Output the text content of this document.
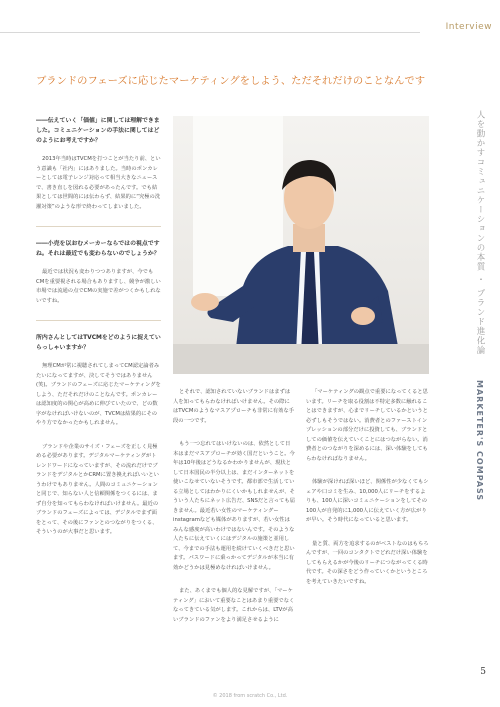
Interview
ブランドのフェーズに応じたマーケティングをしよう、ただそれだけのことなんです

――伝えていく「価値」に関しては理解できました。コミュニケーションの手法に関してはどのようにお考えですか？

2013年当時はTVCMを打つことが当たり前、という意識も「社内」にはありました。当時のポンカレーとしては電子レンジ対応って相当大きなニュースで、書き直しを図れる必要があったんです。でも結果としては世間的には伝わらず、結果的に“究極の洗濯対策”のような形で終わってしまいました。

――小売を以おむメーカーならではの視点ですね。それは最近でも変わらないのでしょうか？

最近では状況も変わりつつありますが、今でもCMを重要視される場合もありますし、競争が激しい市場では流通の点でCMの実施で差がつくかもしれないですね。

所内さんとしてはTVCMをどのように捉えていらっしゃいますか？

無理CMが常に視聴されてしまってCM認定論者みたいになってますが、決してそうではありません(笑)。ブランドのフェーズに応じたマーケティングをしよう、ただそれだけのことなんです。ポンカレーは認知度的の関心が高めに伸びていたので、どの数字がなければいけないのが、TVCMは結果的にそのやり方でなかったかもしれません。

ブランドや企業のサイズ・フェーズを正しく見極める必要があります。デジタルマーケティングがトレンドワードになっていますが、その流れだけでブランドをデジタルとかCRMに置き換えればいいというわけでもありません。人間のコミュニケーションと同じで、知らない人と信頼関係をつくるには、まず自分を知ってもらわなければいけません。最近のブランドのフェーズによっては、デジタルでまず面をとって、その後にファンとのつながりをつくる、そういうのが大事だと思います。

とそれで、認知されていないブランドはまずは人を知ってもらわなければいけません。その際にはTVCMのようなマスアプローチも非常に有効な手段の一つです。

もう一つ忘れてはいけないのは、依然として日本はまだマスアプローチが効く国だということ。今年は10年後はどうなるかわかりませんが、現状として日本国民の半分以上は、まだインターネットを使いこなせていないそうです。都市部で生活している立場としてはわかりにくいかもしれませんが、そういう人たちにネット広告だ、SNSだと言っても届きません。最近若い女性のマーケティングーinstagramなども媒体がありますが、若い女性はみんな感度が高いわけではないんです。そのような人たちに伝えていくにはデジタルの施策と並用して、今までの手法も運用を続けていくべきだと思います。パスワードに乗っかってデジタルが本当に有効かどうかは見極めなければいけません。

また、あくまでも個人的な見解ですが、「マーケティング」において重要なことはあまり重要でなくなってきている気がします。これからは、LTVが高いブランドのファンをより満足させるように

「マーケティングの観点で重要になってくると思います。リーチを取る役割は不特定多数に触れることはできますが、心までリーチしているかというと必ずしもそうではない。消費者とのファーストインプレッションの部分だけに投資しても、ブランドとしての価値を伝えていくことにはつながらない。消費者とのつながりを深めるには、深い体験をしてもらわなければなりません。

体験が深ければ深いほど、関係性が少なくてもシェアや口コミを生み、10,000人にリーチをするよりも、100人に深いコミュニケーションをしてその100人が自発的に1,000人に伝えていく方が広がりが早い。そう時代になっていると思います。

量と質、両方を追求するのがベストなのはもちろんですが、一回のコンタクトでどれだけ深い体験をしてもらえるかが今後のリーチにつながってくる時代です。その深さをどう作っていくかというところを考えていきたいですね。

人を動かすコミュニケーションの本質 ・ ブランド進化論
MARKETER'S COMPASS
5
© 2018 from scratch Co., Ltd.
